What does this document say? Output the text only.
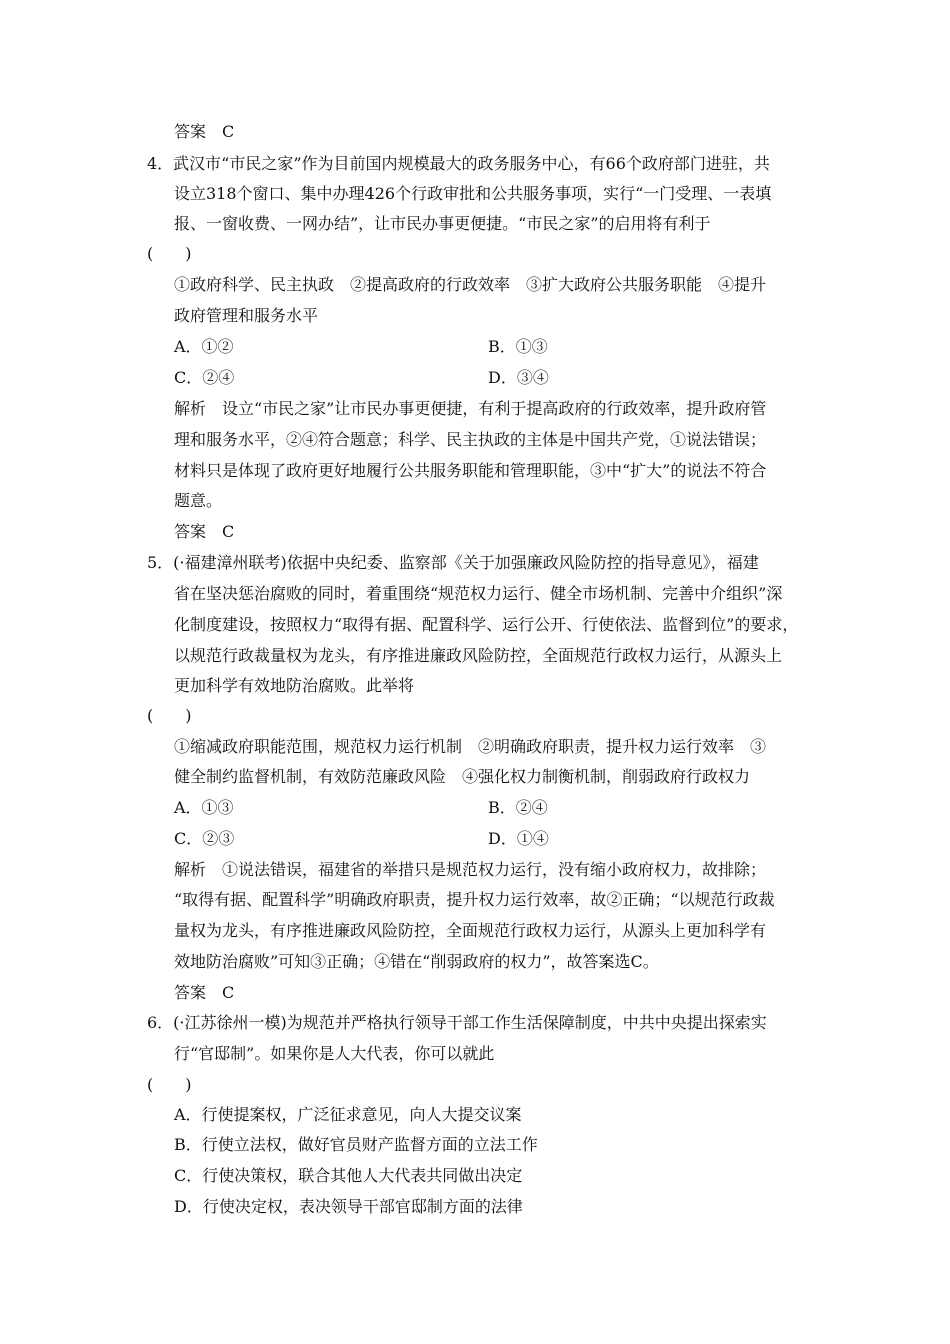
答案　C
4．武汉市“市民之家”作为目前国内规模最大的政务服务中心，有66个政府部门进驻，共
设立318个窗口、集中办理426个行政审批和公共服务事项，实行“一门受理、一表填
报、一窗收费、一网办结”，让市民办事更便捷。“市民之家”的启用将有利于
(　　)
①政府科学、民主执政　②提高政府的行政效率　③扩大政府公共服务职能　④提升
政府管理和服务水平
A．①②	B．①③
C．②④	D．③④
解析　设立“市民之家”让市民办事更便捷，有利于提高政府的行政效率，提升政府管
理和服务水平，②④符合题意；科学、民主执政的主体是中国共产党，①说法错误；
材料只是体现了政府更好地履行公共服务职能和管理职能，③中“扩大”的说法不符合
题意。
答案　C
5．(·福建漳州联考)依据中央纪委、监察部《关于加强廉政风险防控的指导意见》，福建
省在坚决惩治腐败的同时，着重围绕“规范权力运行、健全市场机制、完善中介组织”深
化制度建设，按照权力“取得有据、配置科学、运行公开、行使依法、监督到位”的要求，
以规范行政裁量权为龙头，有序推进廉政风险防控，全面规范行政权力运行，从源头上
更加科学有效地防治腐败。此举将
(　　)
①缩减政府职能范围，规范权力运行机制　②明确政府职责，提升权力运行效率　③
健全制约监督机制，有效防范廉政风险　④强化权力制衡机制，削弱政府行政权力
A．①③	B．②④
C．②③	D．①④
解析　①说法错误，福建省的举措只是规范权力运行，没有缩小政府权力，故排除；
“取得有据、配置科学”明确政府职责，提升权力运行效率，故②正确；“以规范行政裁
量权为龙头，有序推进廉政风险防控，全面规范行政权力运行，从源头上更加科学有
效地防治腐败”可知③正确；④错在“削弱政府的权力”，故答案选C。
答案　C
6．(·江苏徐州一模)为规范并严格执行领导干部工作生活保障制度，中共中央提出探索实
行“官邸制”。如果你是人大代表，你可以就此
(　　)
A．行使提案权，广泛征求意见，向人大提交议案
B．行使立法权，做好官员财产监督方面的立法工作
C．行使决策权，联合其他人大代表共同做出决定
D．行使决定权，表决领导干部官邸制方面的法律
